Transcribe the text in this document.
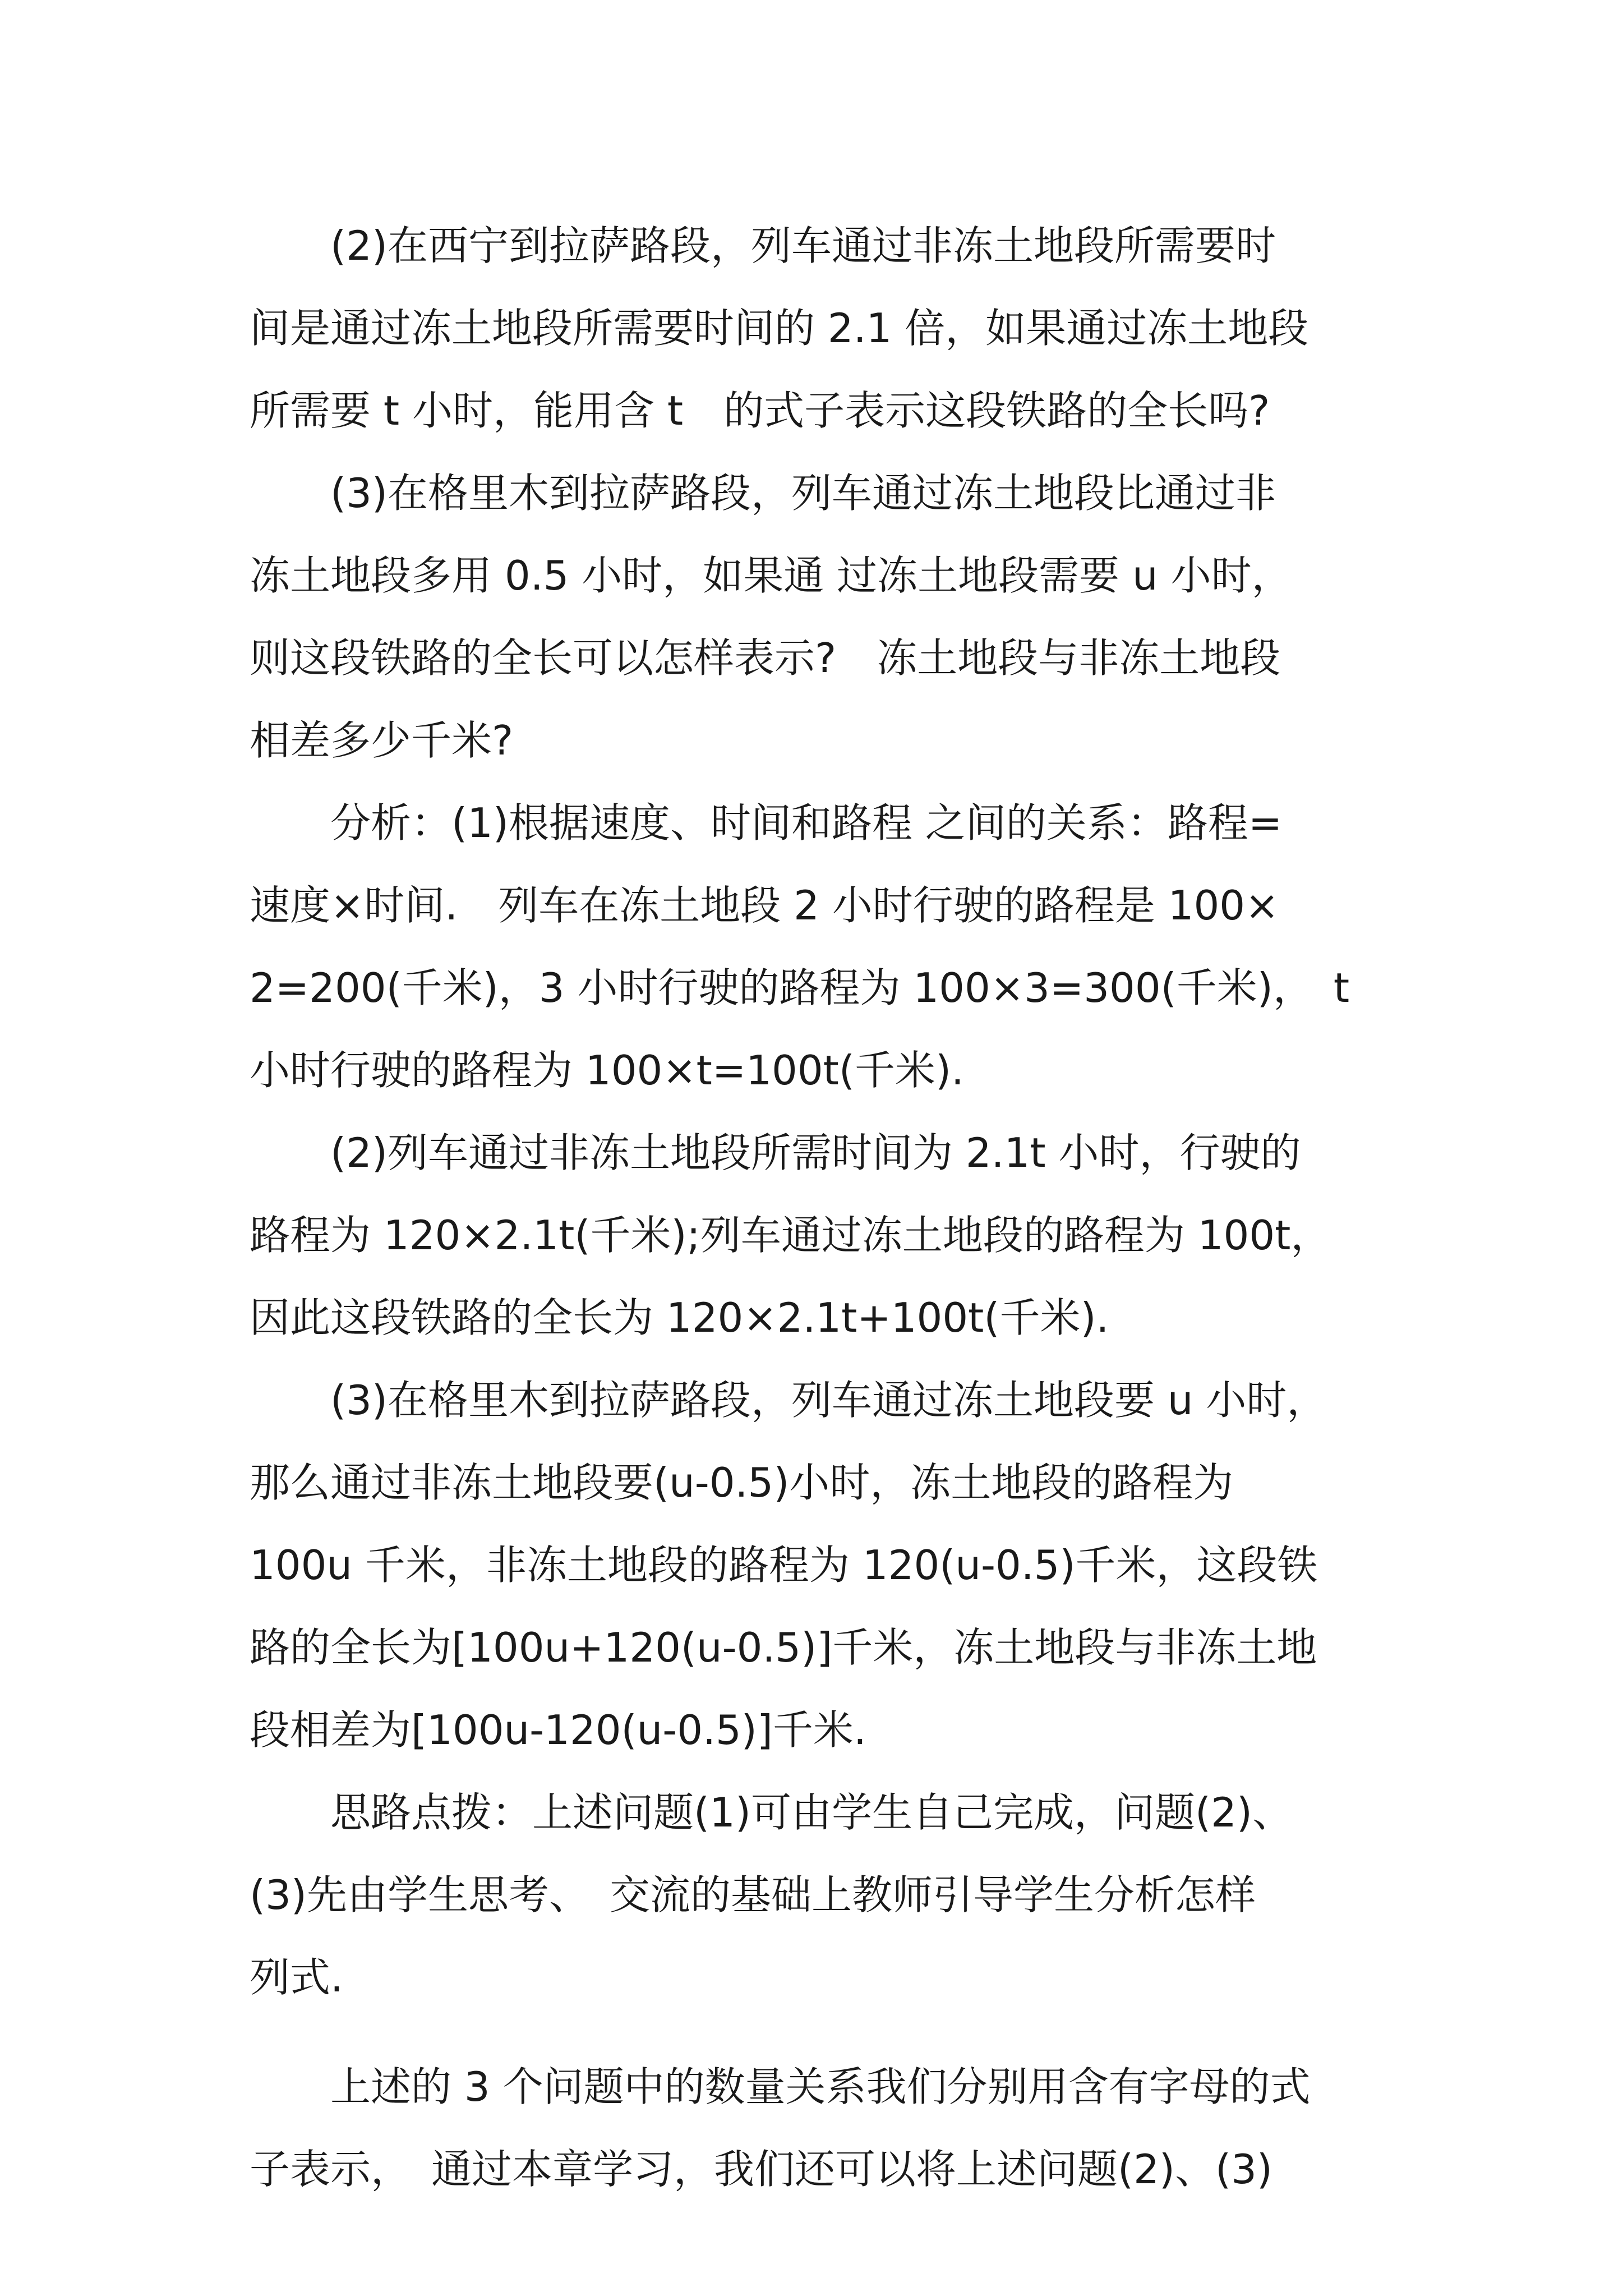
　　(2)在西宁到拉萨路段，列车通过非冻土地段所需要时
间是通过冻土地段所需要时间的 2.1 倍，如果通过冻土地段
所需要 t 小时，能用含 t　的式子表示这段铁路的全长吗?

　　(3)在格里木到拉萨路段，列车通过冻土地段比通过非
冻土地段多用 0.5 小时，如果通 过冻土地段需要 u 小时，
则这段铁路的全长可以怎样表示?　冻土地段与非冻土地段
相差多少千米?

　　分析：(1)根据速度、时间和路程 之间的关系：路程=
速度×时间.　列车在冻土地段 2 小时行驶的路程是 100×
2=200(千米)，3 小时行驶的路程为 100×3=300(千米)，　t
小时行驶的路程为 100×t=100t(千米).

　　(2)列车通过非冻土地段所需时间为 2.1t 小时，行驶的
路程为 120×2.1t(千米);列车通过冻土地段的路程为 100t，
因此这段铁路的全长为 120×2.1t+100t(千米).

　　(3)在格里木到拉萨路段，列车通过冻土地段要 u 小时，
那么通过非冻土地段要(u-0.5)小时，冻土地段的路程为
100u 千米，非冻土地段的路程为 120(u-0.5)千米，这段铁
路的全长为[100u+120(u-0.5)]千米，冻土地段与非冻土地
段相差为[100u-120(u-0.5)]千米.

　　思路点拨：上述问题(1)可由学生自己完成，问题(2)、
(3)先由学生思考、　交流的基础上教师引导学生分析怎样
列式.

　　上述的 3 个问题中的数量关系我们分别用含有字母的式
子表示，　通过本章学习，我们还可以将上述问题(2)、(3)
